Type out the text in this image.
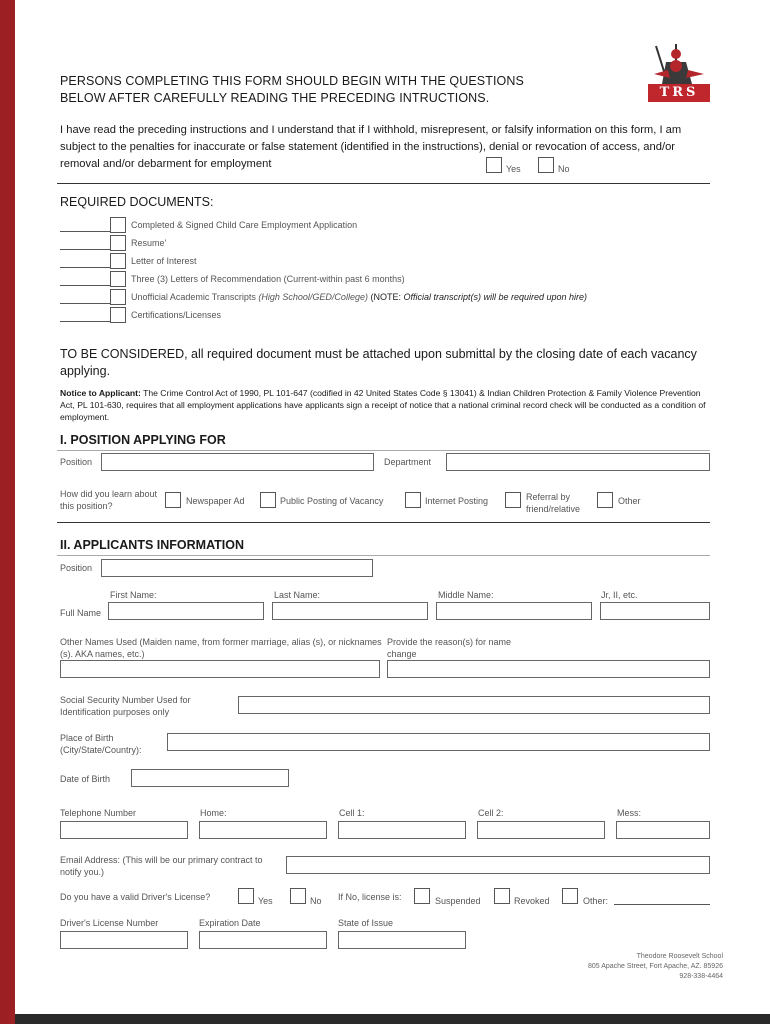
TRS
PERSONS COMPLETING THIS FORM SHOULD BEGIN WITH THE QUESTIONS
BELOW AFTER CAREFULLY READING THE PRECEDING INTRUCTIONS.
I have read the preceding instructions and I understand that if I withhold, misrepresent, or falsify information on this form, I am subject to the penalties for inaccurate or false statement (identified in the instructions), denial or revocation of access, and/or removal and/or debarment for employment	Yes	No
REQUIRED DOCUMENTS:
Completed & Signed Child Care Employment Application
Resume'
Letter of Interest
Three (3) Letters of Recommendation (Current-within past 6 months)
Unofficial Academic Transcripts (High School/GED/College) (NOTE: Official transcript(s) will be required upon hire)
Certifications/Licenses
TO BE CONSIDERED, all required document must be attached upon submittal by the closing date of each vacancy applying.
Notice to Applicant: The Crime Control Act of 1990, PL 101-647 (codified in 42 United States Code § 13041) & Indian Children Protection & Family Violence Prevention Act, PL 101-630, requires that all employment applications have applicants sign a receipt of notice that a national criminal record check will be conducted as a condition of employment.
I. POSITION APPLYING FOR
Position	Department
How did you learn about this position?	Newspaper Ad	Public Posting of Vacancy	Internet Posting	Referral by friend/relative
Other
II. APPLICANTS INFORMATION
Position
First Name:	Last Name:	Middle Name:	Jr, II, etc.
Full Name
Other Names Used (Maiden name, from former marriage, alias (s), or nicknames (s). AKA names, etc.)
Provide the reason(s) for name change
Social Security Number Used for Identification purposes only
Place of Birth (City/State/Country):
Date of Birth
Telephone Number	Home:	Cell 1:	Cell 2:	Mess:
Email Address: (This will be our primary contract to notify you.)
Do you have a valid Driver's License?	Yes	No If No, license is:	Suspended	Revoked	Other:
Driver's License Number	Expiration Date	State of Issue
Theodore Roosevelt School
805 Apache Street, Fort Apache, AZ. 85926
928-338-4464
